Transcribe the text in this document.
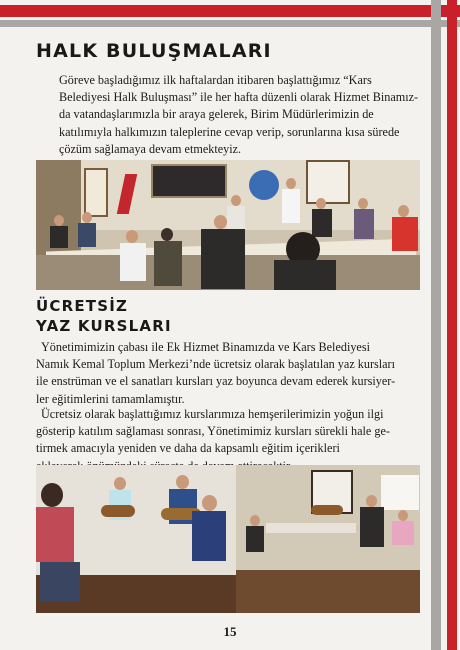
HALK BULUŞMALARI
Göreve başladığımız ilk haftalardan itibaren başlattığımız “Kars
Belediyesi Halk Buluşması” ile her hafta düzenli olarak Hizmet Binamız-
da vatandaşlarımızla bir araya gelerek, Birim Müdürlerimizin de
katılımıyla halkımızın taleplerine cevap verip, sorunlarına kısa sürede
çözüm sağlamaya devam etmekteyiz.
ÜCRETSİZ
YAZ KURSLARI
Yönetimimizin çabası ile Ek Hizmet Binamızda ve Kars Belediyesi
Namık Kemal Toplum Merkezi’nde ücretsiz olarak başlatılan yaz kursları
ile enstrüman ve el sanatları kursları yaz boyunca devam ederek kursiyer-
ler eğitimlerini tamamlamıştır.
Ücretsiz olarak başlattığımız kurslarımıza hemşerilerimizin yoğun ilgi
gösterip katılım sağlaması sonrası, Yönetimimiz kursları sürekli hale ge-
tirmek amacıyla yeniden ve daha da kapsamlı eğitim içerikleri
15
